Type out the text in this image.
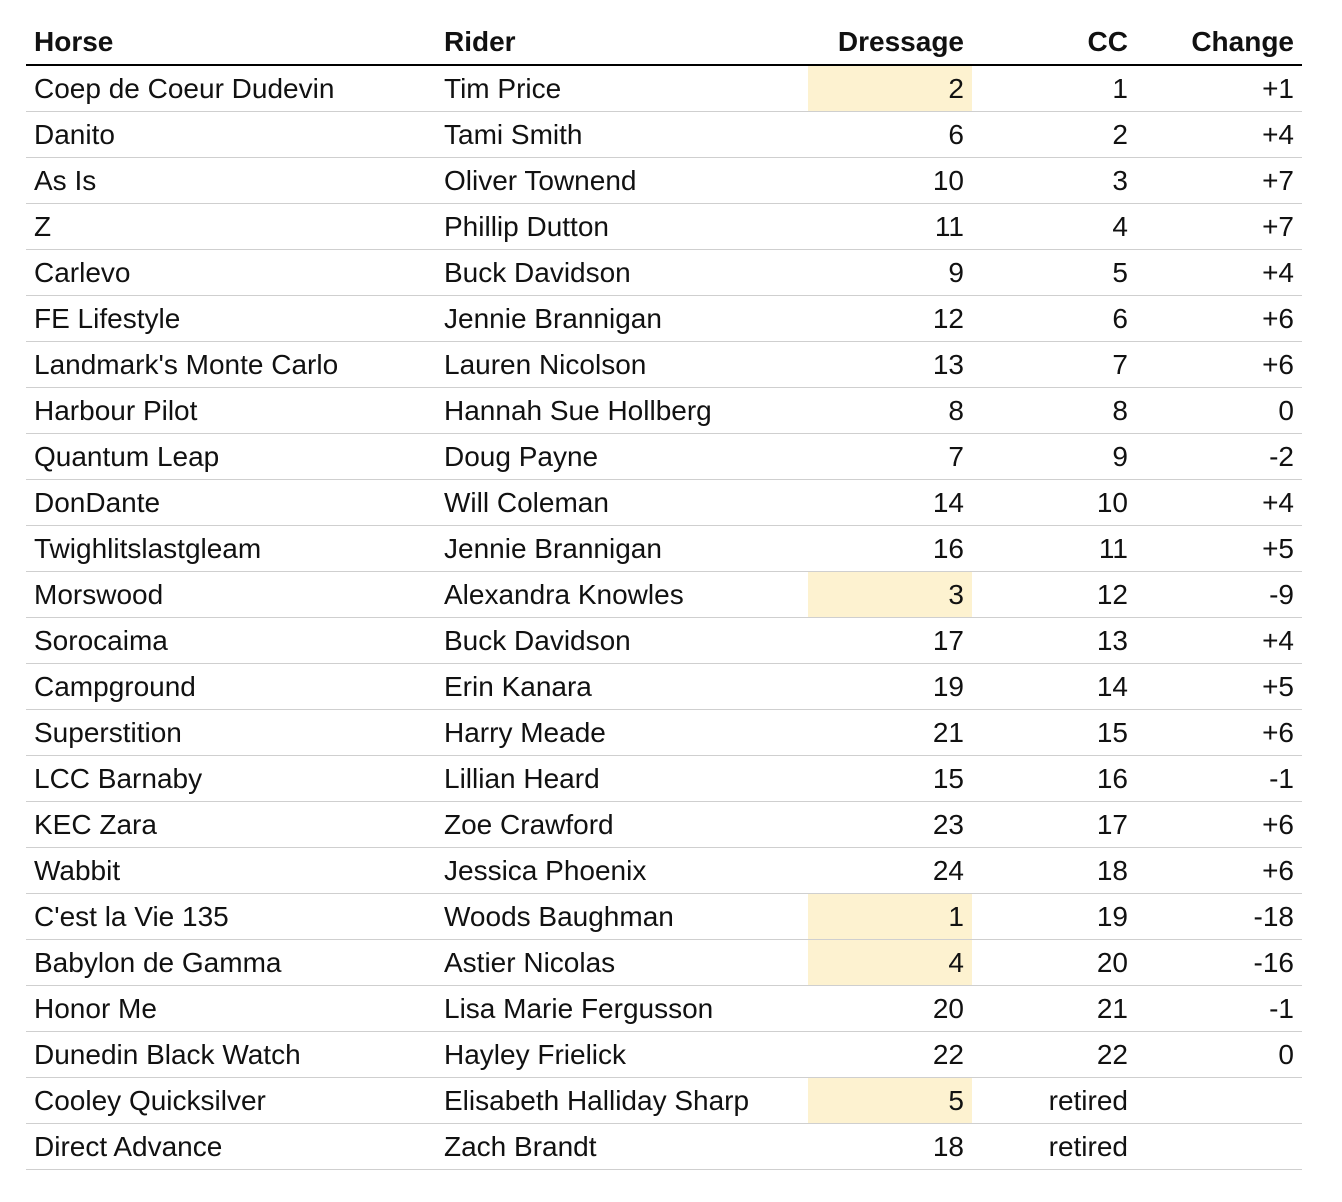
Horse	Rider	Dressage	CC	Change
Coep de Coeur Dudevin	Tim Price	2	1	+1
Danito	Tami Smith	6	2	+4
As Is	Oliver Townend	10	3	+7
Z	Phillip Dutton	11	4	+7
Carlevo	Buck Davidson	9	5	+4
FE Lifestyle	Jennie Brannigan	12	6	+6
Landmark's Monte Carlo	Lauren Nicolson	13	7	+6
Harbour Pilot	Hannah Sue Hollberg	8	8	0
Quantum Leap	Doug Payne	7	9	-2
DonDante	Will Coleman	14	10	+4
Twighlitslastgleam	Jennie Brannigan	16	11	+5
Morswood	Alexandra Knowles	3	12	-9
Sorocaima	Buck Davidson	17	13	+4
Campground	Erin Kanara	19	14	+5
Superstition	Harry Meade	21	15	+6
LCC Barnaby	Lillian Heard	15	16	-1
KEC Zara	Zoe Crawford	23	17	+6
Wabbit	Jessica Phoenix	24	18	+6
C'est la Vie 135	Woods Baughman	1	19	-18
Babylon de Gamma	Astier Nicolas	4	20	-16
Honor Me	Lisa Marie Fergusson	20	21	-1
Dunedin Black Watch	Hayley Frielick	22	22	0
Cooley Quicksilver	Elisabeth Halliday Sharp	5	retired	
Direct Advance	Zach Brandt	18	retired	
